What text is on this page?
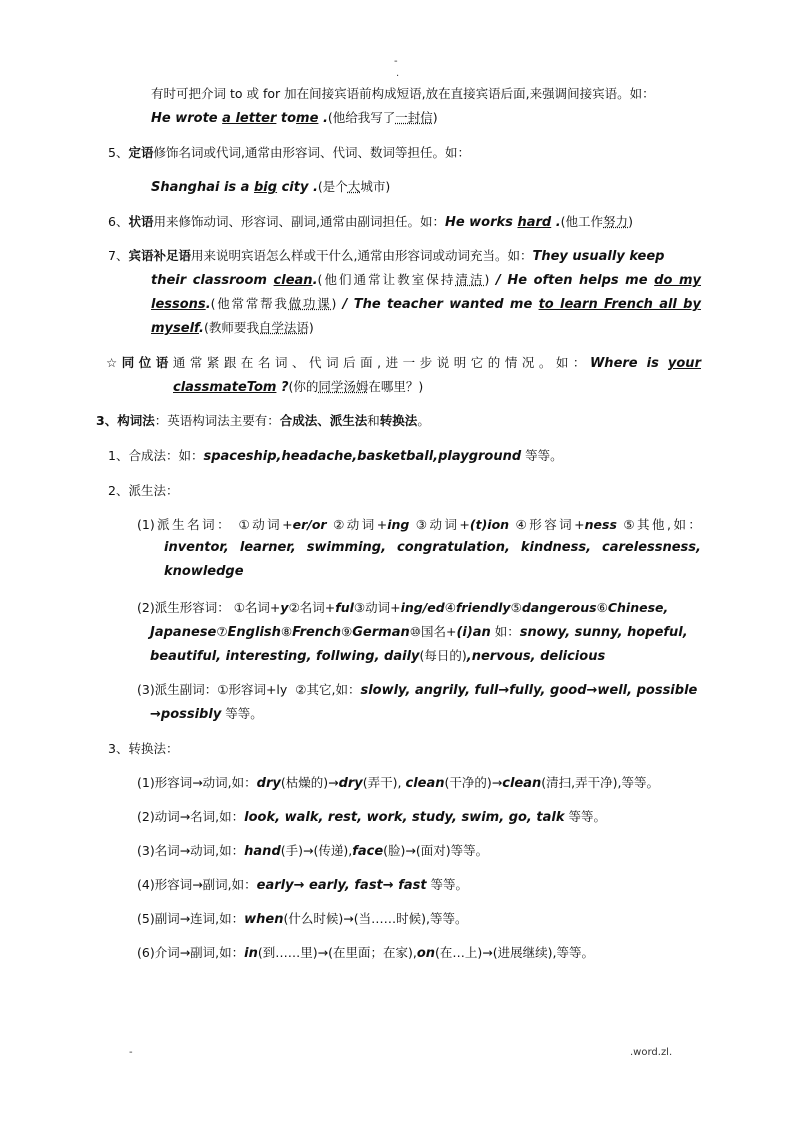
-
.
有时可把介词 to 或 for 加在间接宾语前构成短语,放在直接宾语后面,来强调间接宾语。如：
He wrote a letter tome .(他给我写了一封信)
5、定语修饰名词或代词,通常由形容词、代词、数词等担任。如：
Shanghai is a big city .(是个大城市)
6、状语用来修饰动词、形容词、副词,通常由副词担任。如：He works hard .(他工作努力)
7、宾语补足语用来说明宾语怎么样或干什么,通常由形容词或动词充当。如：They usually keep
their classroom clean.(他们通常让教室保持清洁) / He often helps me do my
lessons.(他常常帮我做功课) / The teacher wanted me to learn French all by
myself.(教师要我自学法语)
☆同位语通常紧跟在名词、代词后面,进一步说明它的情况。如：Where is your
classmateTom ?(你的同学汤姆在哪里？)
3、构词法：英语构词法主要有：合成法、派生法和转换法。
1、合成法：如：spaceship,headache,basketball,playground 等等。
2、派生法：
(1)派生名词： ①动词+er/or ②动词+ing ③动词+(t)ion ④形容词+ness ⑤其他,如：
inventor, learner, swimming, congratulation, kindness, carelessness,
knowledge
(2)派生形容词： ①名词+y②名词+ful③动词+ing/ed④friendly⑤dangerous⑥Chinese,
Japanese⑦English⑧French⑨German⑩国名+(i)an 如：snowy, sunny, hopeful,
beautiful, interesting, follwing, daily(每日的),nervous, delicious
(3)派生副词：①形容词+ly ②其它,如：slowly, angrily, full→fully, good→well, possible
→possibly 等等。
3、转换法：
(1)形容词→动词,如：dry(枯燥的)→dry(弄干), clean(干净的)→clean(清扫,弄干净),等等。
(2)动词→名词,如：look, walk, rest, work, study, swim, go, talk 等等。
(3)名词→动词,如：hand(手)→(传递),face(脸)→(面对)等等。
(4)形容词→副词,如：early→ early, fast→ fast 等等。
(5)副词→连词,如：when(什么时候)→(当……时候),等等。
(6)介词→副词,如：in(到……里)→(在里面；在家),on(在…上)→(进展继续),等等。
-	.word.zl.
